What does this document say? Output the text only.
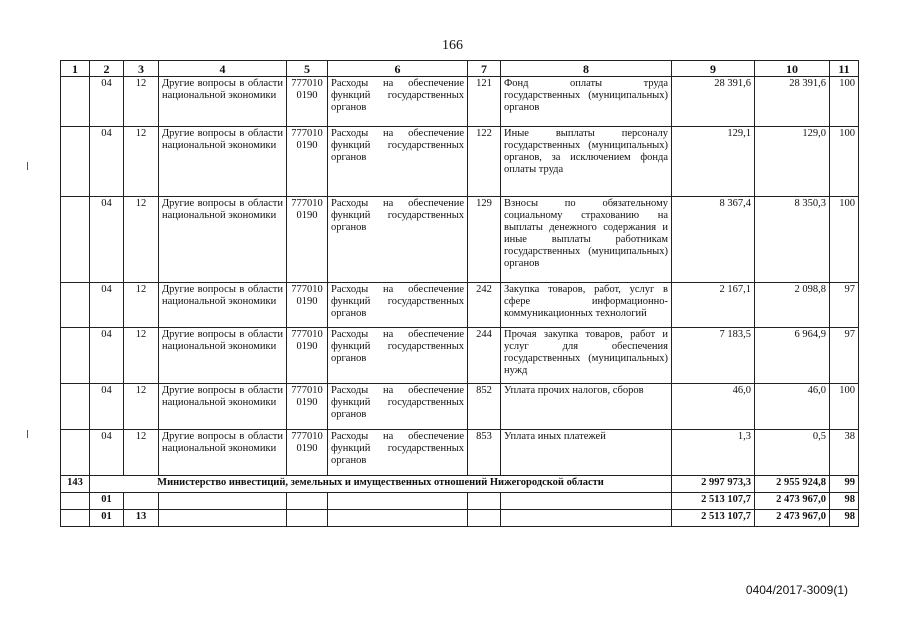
166
1	2	3	4	5	6	7	8	9	10	11
	04	12	Другие вопросы в области национальной экономики	777010 0190	Расходы на обеспечение функций государственных органов	121	Фонд оплаты труда государственных (муниципальных) органов	28 391,6	28 391,6	100
	04	12	Другие вопросы в области национальной экономики	777010 0190	Расходы на обеспечение функций государственных органов	122	Иные выплаты персоналу государственных (муниципальных) органов, за исключением фонда оплаты труда	129,1	129,0	100
	04	12	Другие вопросы в области национальной экономики	777010 0190	Расходы на обеспечение функций государственных органов	129	Взносы по обязательному социальному страхованию на выплаты денежного содержания и иные выплаты работникам государственных (муниципальных) органов	8 367,4	8 350,3	100
	04	12	Другие вопросы в области национальной экономики	777010 0190	Расходы на обеспечение функций государственных органов	242	Закупка товаров, работ, услуг в сфере информационно-коммуникационных технологий	2 167,1	2 098,8	97
	04	12	Другие вопросы в области национальной экономики	777010 0190	Расходы на обеспечение функций государственных органов	244	Прочая закупка товаров, работ и услуг для обеспечения государственных (муниципальных) нужд	7 183,5	6 964,9	97
	04	12	Другие вопросы в области национальной экономики	777010 0190	Расходы на обеспечение функций государственных органов	852	Уплата прочих налогов, сборов	46,0	46,0	100
	04	12	Другие вопросы в области национальной экономики	777010 0190	Расходы на обеспечение функций государственных органов	853	Уплата иных платежей	1,3	0,5	38
143	Министерство инвестиций, земельных и имущественных отношений Нижегородской области							2 997 973,3	2 955 924,8	99
	01							2 513 107,7	2 473 967,0	98
	01	13						2 513 107,7	2 473 967,0	98
0404/2017-3009(1)
